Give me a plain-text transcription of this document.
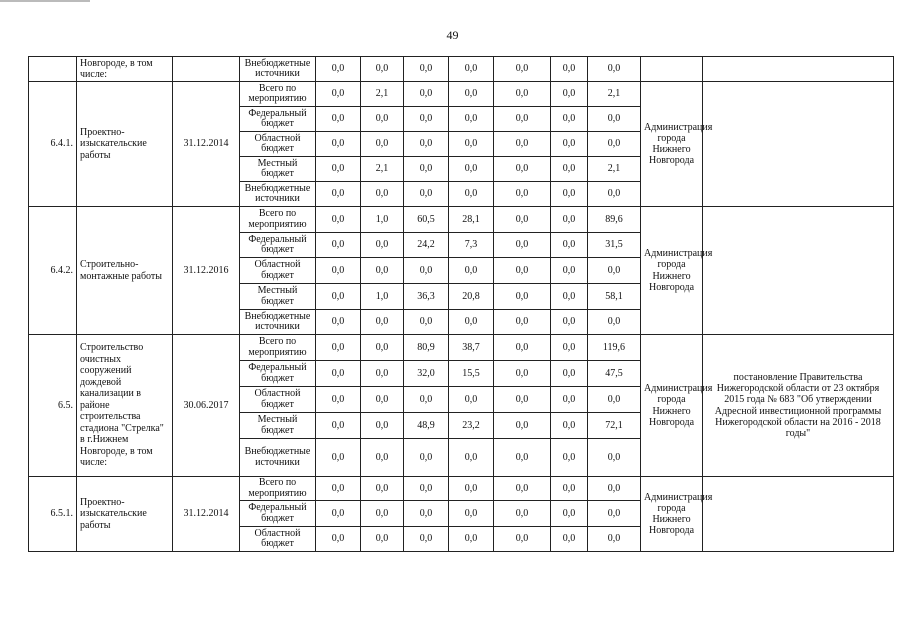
49
	Новгороде, в том числе:		Внебюджетные источники	0,0	0,0	0,0	0,0	0,0	0,0	0,0		
6.4.1.	Проектно-изыскательские работы	31.12.2014	Всего по мероприятию	0,0	2,1	0,0	0,0	0,0	0,0	2,1	Администрация города Нижнего Новгорода	
			Федеральный бюджет	0,0	0,0	0,0	0,0	0,0	0,0	0,0		
			Областной бюджет	0,0	0,0	0,0	0,0	0,0	0,0	0,0		
			Местный бюджет	0,0	2,1	0,0	0,0	0,0	0,0	2,1		
			Внебюджетные источники	0,0	0,0	0,0	0,0	0,0	0,0	0,0		
6.4.2.	Строительно-монтажные работы	31.12.2016	Всего по мероприятию	0,0	1,0	60,5	28,1	0,0	0,0	89,6	Администрация города Нижнего Новгорода	
			Федеральный бюджет	0,0	0,0	24,2	7,3	0,0	0,0	31,5		
			Областной бюджет	0,0	0,0	0,0	0,0	0,0	0,0	0,0		
			Местный бюджет	0,0	1,0	36,3	20,8	0,0	0,0	58,1		
			Внебюджетные источники	0,0	0,0	0,0	0,0	0,0	0,0	0,0		
6.5.	Строительство очистных сооружений дождевой канализации в районе строительства стадиона "Стрелка" в г.Нижнем Новгороде, в том числе:	30.06.2017	Всего по мероприятию	0,0	0,0	80,9	38,7	0,0	0,0	119,6	Администрация города Нижнего Новгорода	постановление Правительства Нижегородской области от 23 октября 2015 года № 683 "Об утверждении Адресной инвестиционной программы Нижегородской области на 2016 - 2018 годы"
			Федеральный бюджет	0,0	0,0	32,0	15,5	0,0	0,0	47,5		
			Областной бюджет	0,0	0,0	0,0	0,0	0,0	0,0	0,0		
			Местный бюджет	0,0	0,0	48,9	23,2	0,0	0,0	72,1		
			Внебюджетные источники	0,0	0,0	0,0	0,0	0,0	0,0	0,0		
6.5.1.	Проектно-изыскательские работы	31.12.2014	Всего по мероприятию	0,0	0,0	0,0	0,0	0,0	0,0	0,0	Администрация города Нижнего Новгорода	
			Федеральный бюджет	0,0	0,0	0,0	0,0	0,0	0,0	0,0		
			Областной бюджет	0,0	0,0	0,0	0,0	0,0	0,0	0,0		
